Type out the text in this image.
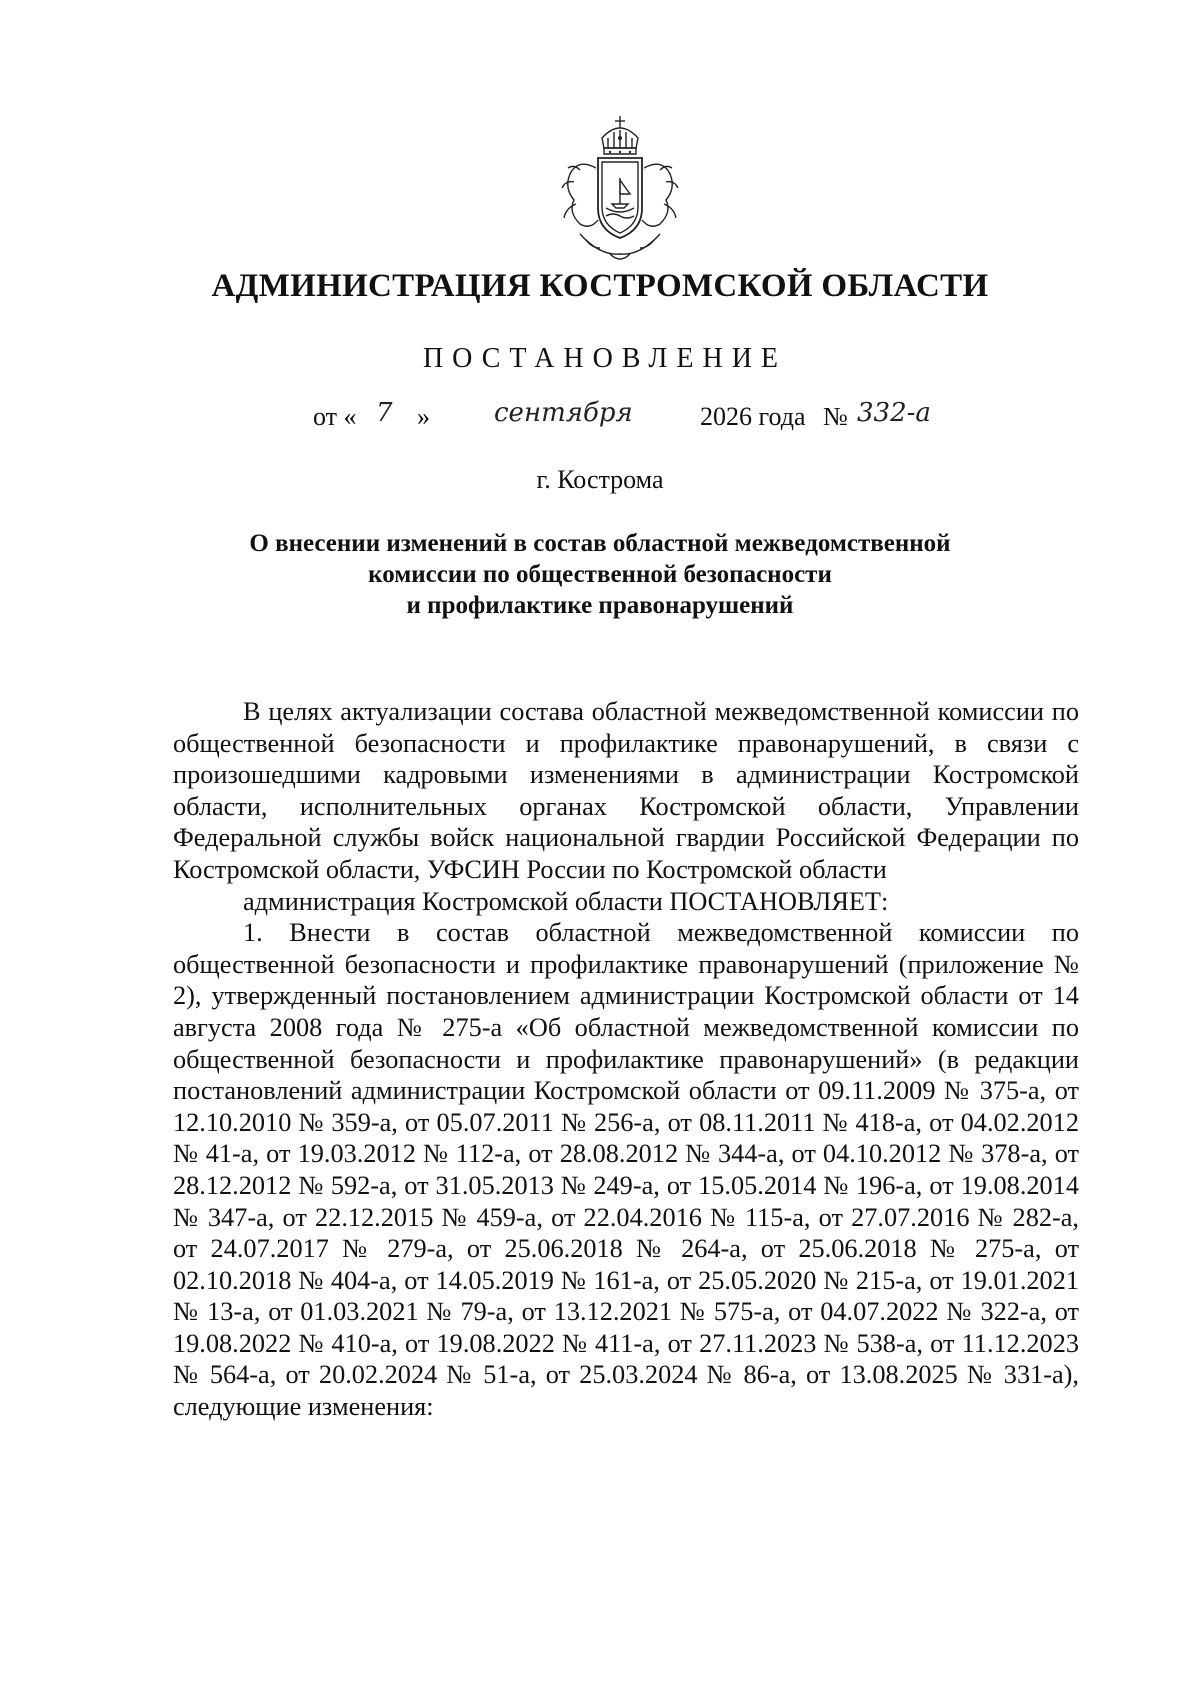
АДМИНИСТРАЦИЯ КОСТРОМСКОЙ ОБЛАСТИ
ПОСТАНОВЛЕНИЕ
от « 7 » сентября	2026 года № 332-а
г. Кострома
О внесении изменений в состав областной межведомственной
комиссии по общественной безопасности
и профилактике правонарушений

В целях актуализации состава областной межведомственной комиссии по общественной безопасности и профилактике правонарушений, в связи с произошедшими кадровыми изменениями в администрации Костромской области, исполнительных органах Костромской области, Управлении Федеральной службы войск национальной гвардии Российской Федерации по Костромской области, УФСИН России по Костромской области

администрация Костромской области ПОСТАНОВЛЯЕТ:

1. Внести в состав областной межведомственной комиссии по общественной безопасности и профилактике правонарушений (приложение № 2), утвержденный постановлением администрации Костромской области от 14 августа 2008 года № 275-а «Об областной межведомственной комиссии по общественной безопасности и профилактике правонарушений» (в редакции постановлений администрации Костромской области от 09.11.2009 № 375-а, от 12.10.2010 № 359-а, от 05.07.2011 № 256-а, от 08.11.2011 № 418-а, от 04.02.2012 № 41-а, от 19.03.2012 № 112-а, от 28.08.2012 № 344-а, от 04.10.2012 № 378-а, от 28.12.2012 № 592-а, от 31.05.2013 № 249-а, от 15.05.2014 № 196-а, от 19.08.2014 № 347-а, от 22.12.2015 № 459-а, от 22.04.2016 № 115-а, от 27.07.2016 № 282-а, от 24.07.2017 № 279-а, от 25.06.2018 № 264-а, от 25.06.2018 № 275-а, от 02.10.2018 № 404-а, от 14.05.2019 № 161-а, от 25.05.2020 № 215-а, от 19.01.2021 № 13-а, от 01.03.2021 № 79-а, от 13.12.2021 № 575-а, от 04.07.2022 № 322-а, от 19.08.2022 № 410-а, от 19.08.2022 № 411-а, от 27.11.2023 № 538-а, от 11.12.2023 № 564-а, от 20.02.2024 № 51-а, от 25.03.2024 № 86-а, от 13.08.2025 № 331-а), следующие изменения:
